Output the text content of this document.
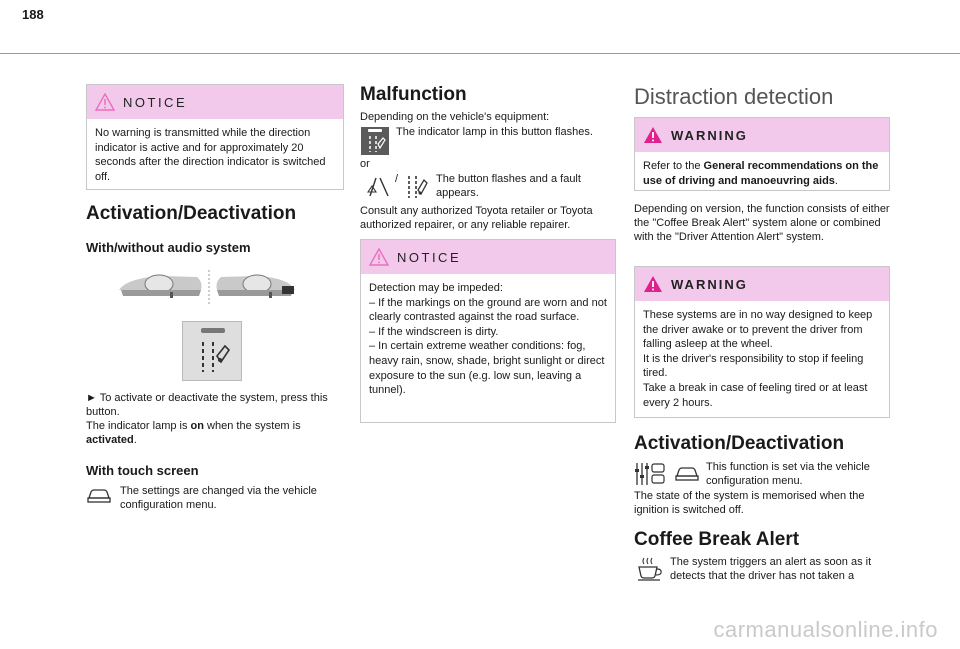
188
NOTICE
No warning is transmitted while the direction indicator is active and for approximately 20 seconds after the direction indicator is switched off.
Activation/Deactivation
With/without audio system
► To activate or deactivate the system, press this button.
The indicator lamp is on when the system is
activated.
With touch screen
The settings are changed via the vehicle configuration menu.
Malfunction
Depending on the vehicle's equipment:
The indicator lamp in this button flashes.
or
/	The button flashes and a fault appears.
Consult any authorized Toyota retailer or Toyota authorized repairer, or any reliable repairer.
NOTICE
Detection may be impeded:
– If the markings on the ground are worn and not clearly contrasted against the road surface.
– If the windscreen is dirty.
– In certain extreme weather conditions: fog, heavy rain, snow, shade, bright sunlight or direct exposure to the sun (e.g. low sun, leaving a tunnel).
Distraction detection
WARNING
Refer to the General recommendations on the use of driving and manoeuvring aids.
Depending on version, the function consists of either the "Coffee Break Alert" system alone or combined with the "Driver Attention Alert" system.
WARNING
These systems are in no way designed to keep the driver awake or to prevent the driver from falling asleep at the wheel.
It is the driver's responsibility to stop if feeling tired.
Take a break in case of feeling tired or at least every 2 hours.
Activation/Deactivation
This function is set via the vehicle configuration menu.
The state of the system is memorised when the ignition is switched off.
Coffee Break Alert
The system triggers an alert as soon as it detects that the driver has not taken a
carmanualsonline.info
